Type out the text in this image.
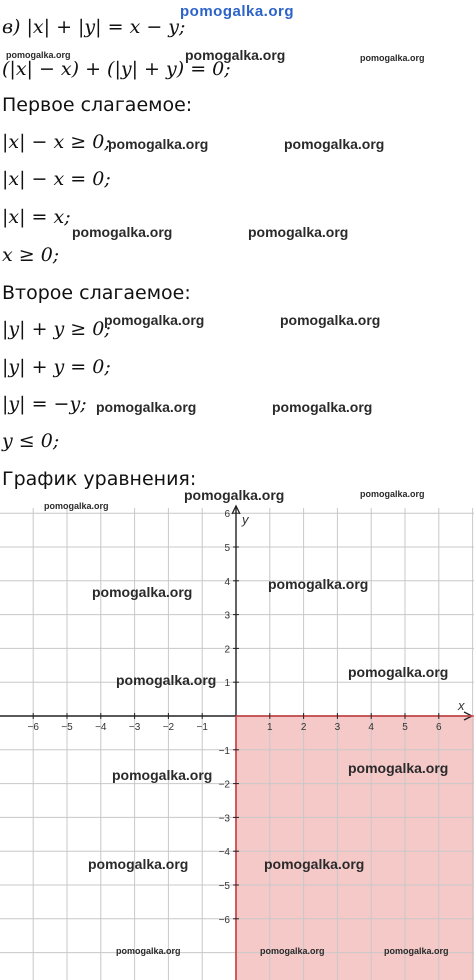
в) |x| + |y| = x − y;
(|x| − x) + (|y| + y) = 0;
Первое слагаемое:
|x| − x ≥ 0;
|x| − x = 0;
|x| = x;
x ≥ 0;
Второе слагаемое:
|y| + y ≥ 0;
|y| + y = 0;
|y| = −y;
y ≤ 0;
График уравнения:
pomogalka.org
pomogalka.org	pomogalka.org	pomogalka.org
pomogalka.org	pomogalka.org
pomogalka.org	pomogalka.org
pomogalka.org	pomogalka.org
pomogalka.org	pomogalka.org
pomogalka.org	pomogalka.org
pomogalka.org
pomogalka.org	pomogalka.org
pomogalka.org	pomogalka.org
pomogalka.org	pomogalka.org
pomogalka.org	pomogalka.org
pomogalka.org	pomogalka.org	pomogalka.org
x
y
−6 −5 −4 −3 −2 −1	1	2	3	4	5	6
6
5
4
3
2
1
−1
−2
−3
−4
−5
−6
